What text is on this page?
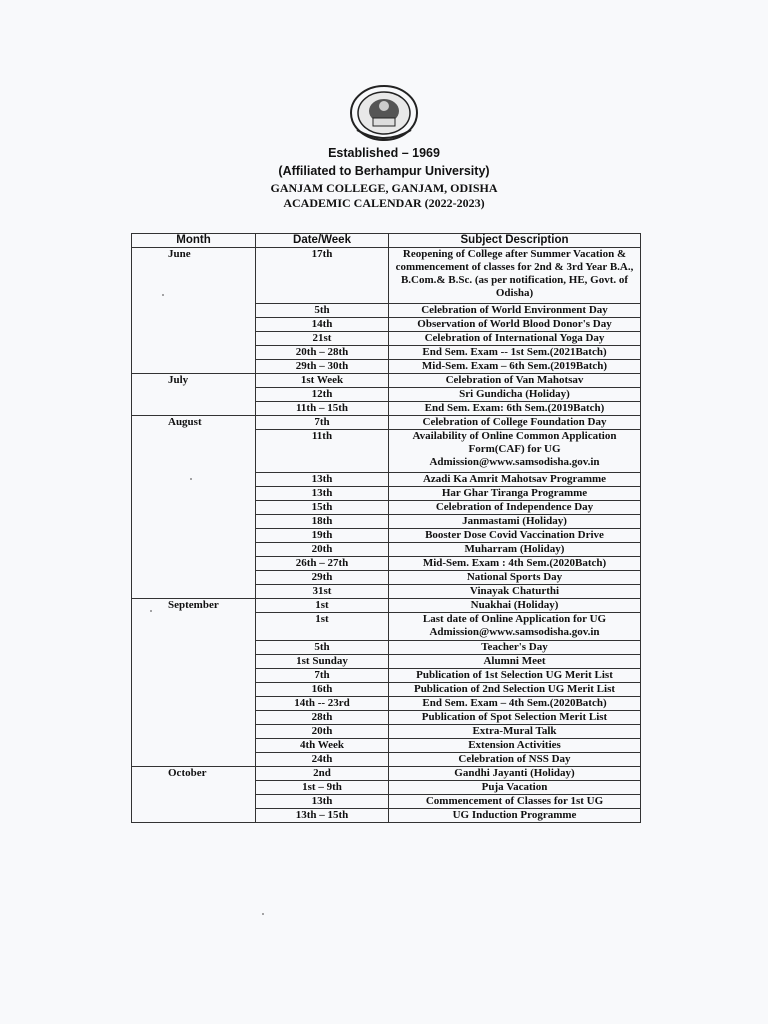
Established – 1969
(Affiliated to Berhampur University)
GANJAM COLLEGE, GANJAM, ODISHA
ACADEMIC CALENDAR (2022-2023)
Month	Date/Week	Subject Description
June	17th	Reopening of College after Summer Vacation & commencement of classes for 2nd & 3rd Year B.A., B.Com.& B.Sc. (as per notification, HE, Govt. of Odisha)
	5th	Celebration of World Environment Day
	14th	Observation of World Blood Donor's Day
	21st	Celebration of International Yoga Day
	20th – 28th	End Sem. Exam -- 1st Sem.(2021Batch)
	29th – 30th	Mid-Sem. Exam – 6th Sem.(2019Batch)
July	1st Week	Celebration of Van Mahotsav
	12th	Sri Gundicha (Holiday)
	11th – 15th	End Sem. Exam: 6th Sem.(2019Batch)
August	7th	Celebration of College Foundation Day
	11th	Availability of Online Common Application Form(CAF) for UG Admission@www.samsodisha.gov.in
	13th	Azadi Ka Amrit Mahotsav Programme
	13th	Har Ghar Tiranga Programme
	15th	Celebration of Independence Day
	18th	Janmastami (Holiday)
	19th	Booster Dose Covid Vaccination Drive
	20th	Muharram (Holiday)
	26th – 27th	Mid-Sem. Exam : 4th Sem.(2020Batch)
	29th	National Sports Day
	31st	Vinayak Chaturthi
September	1st	Nuakhai (Holiday)
	1st	Last date of Online Application for UG Admission@www.samsodisha.gov.in
	5th	Teacher's Day
	1st Sunday	Alumni Meet
	7th	Publication of 1st Selection UG Merit List
	16th	Publication of 2nd Selection UG Merit List
	14th -- 23rd	End Sem. Exam – 4th Sem.(2020Batch)
	28th	Publication of Spot Selection Merit List
	20th	Extra-Mural Talk
	4th Week	Extension Activities
	24th	Celebration of NSS Day
October	2nd	Gandhi Jayanti (Holiday)
	1st – 9th	Puja Vacation
	13th	Commencement of Classes for 1st UG
	13th – 15th	UG Induction Programme
